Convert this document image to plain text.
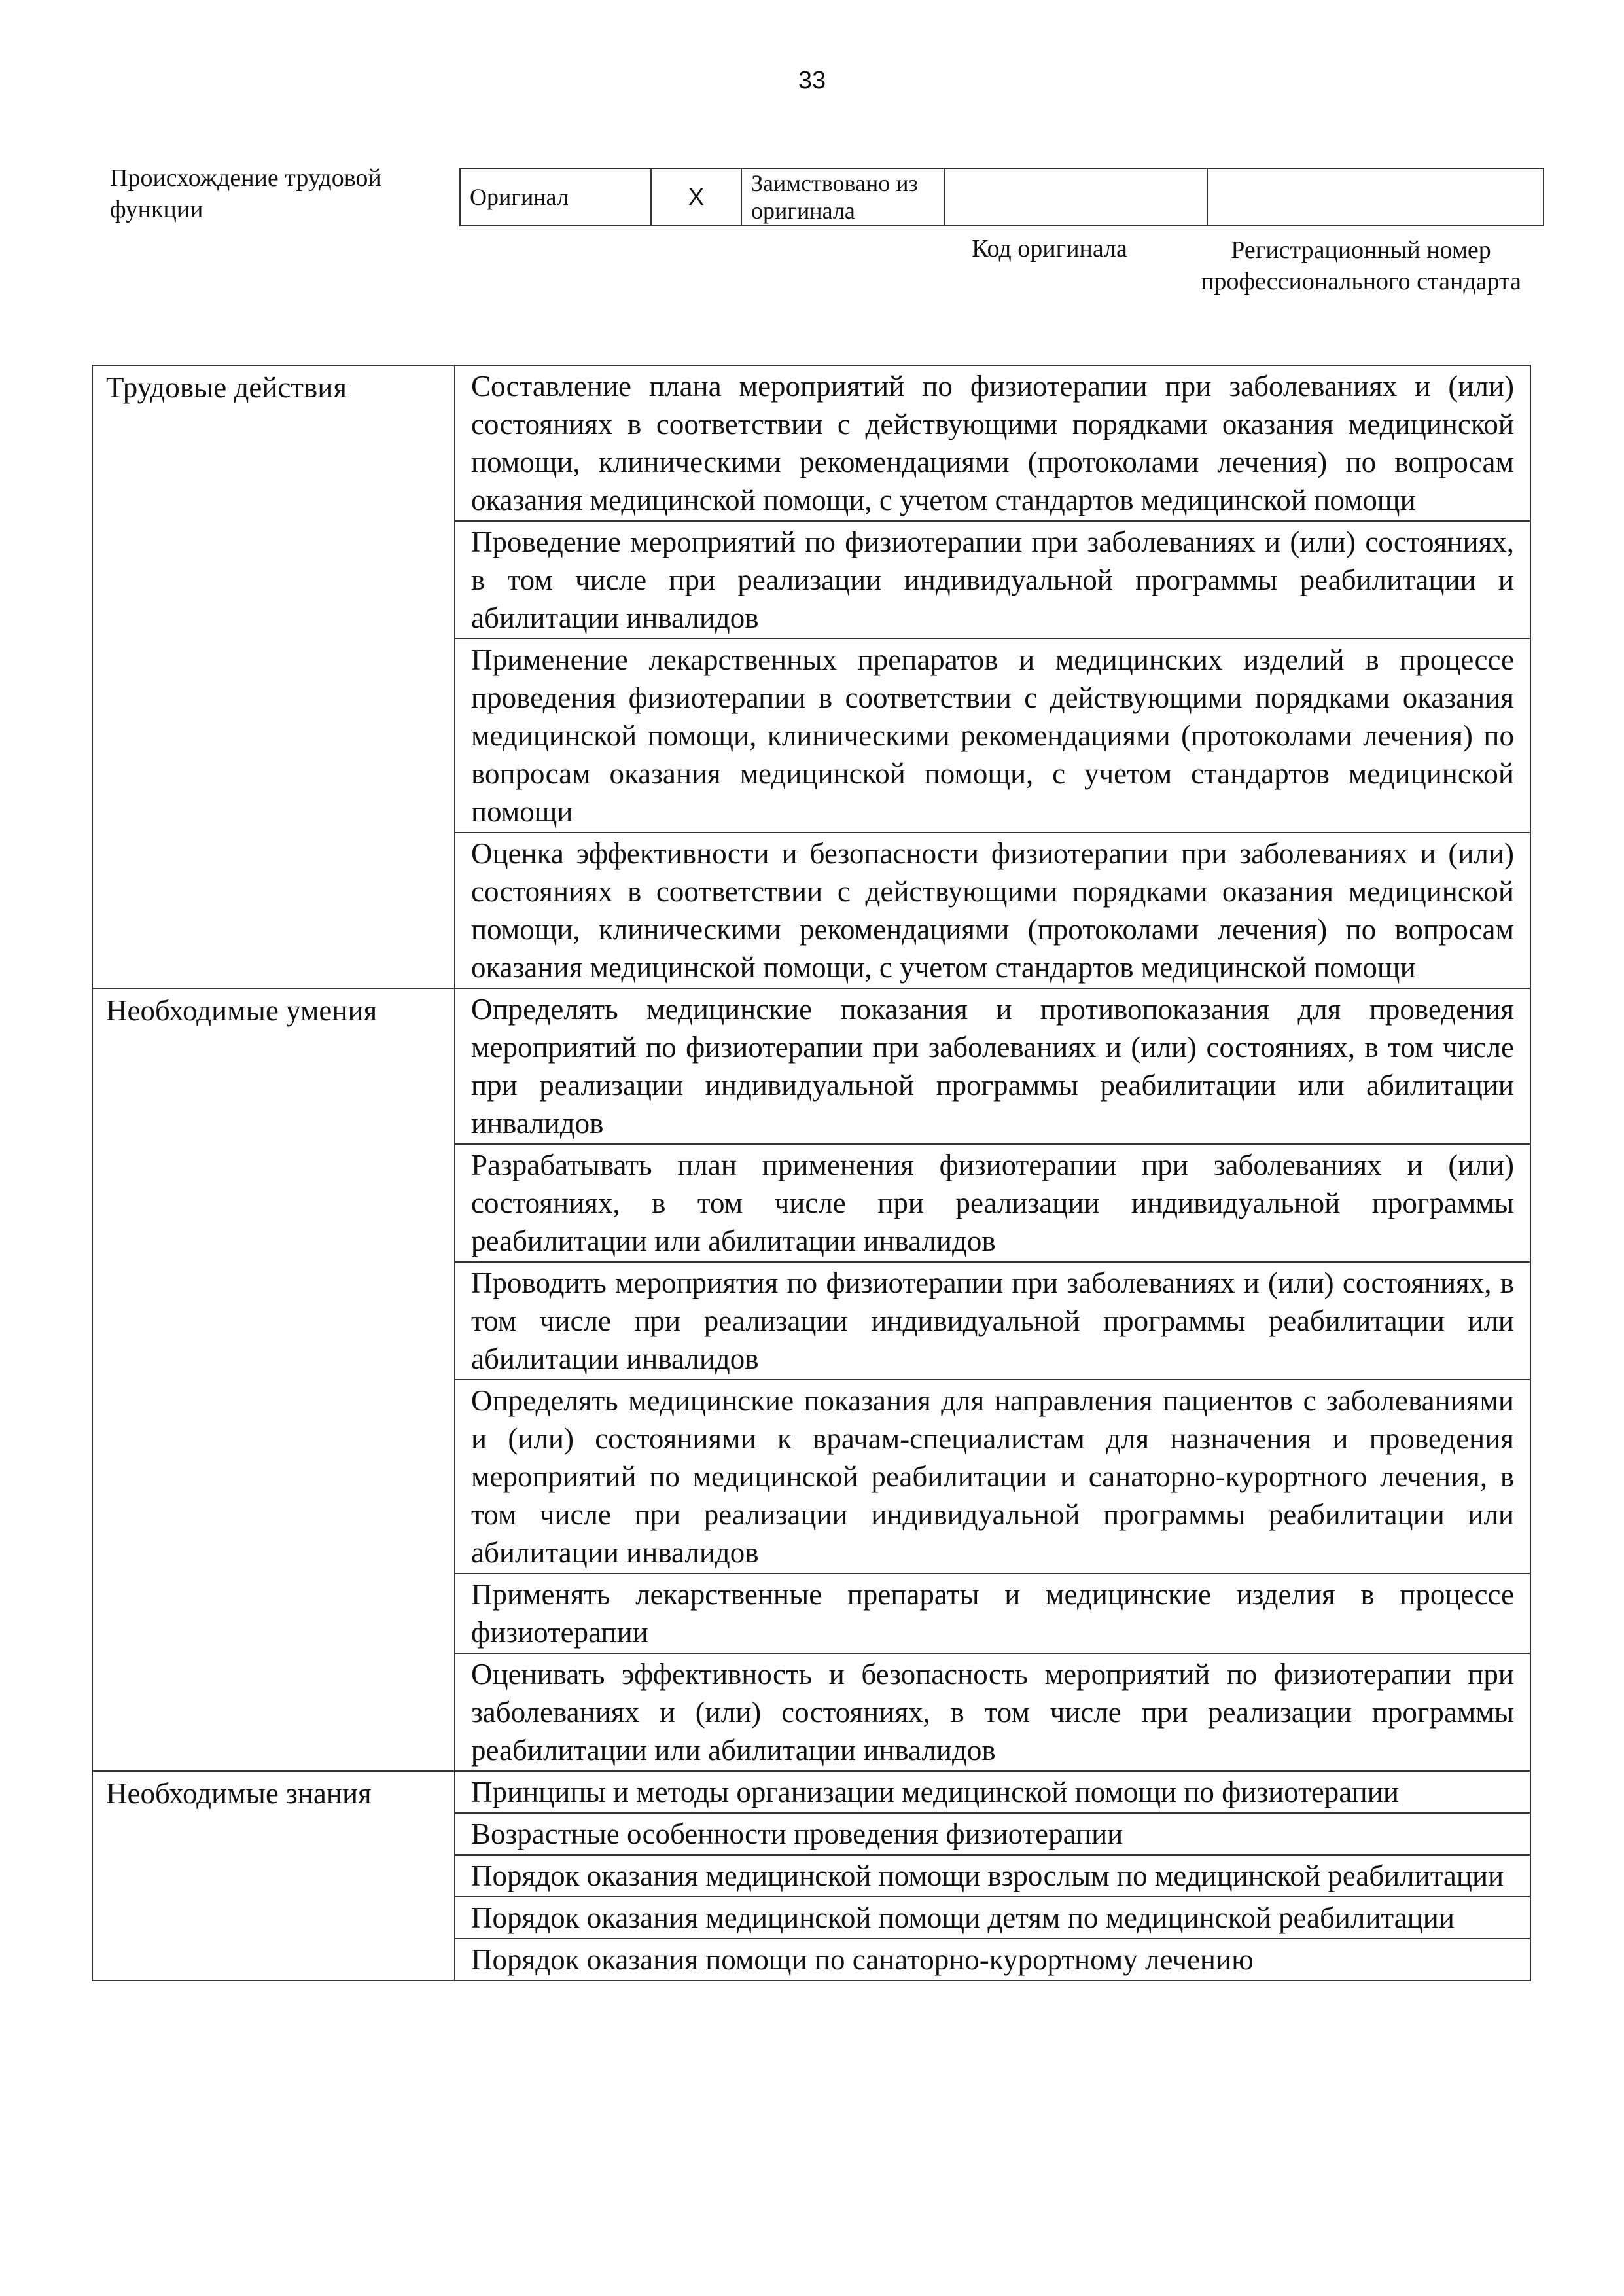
33
Происхождение трудовой функции	Оригинал	X	Заимствовано из оригинала		
Код оригинала	Регистрационный номер профессионального стандарта
Трудовые действия	Составление плана мероприятий по физиотерапии при заболеваниях и (или) состояниях в соответствии с действующими порядками оказания медицинской помощи, клиническими рекомендациями (протоколами лечения) по вопросам оказания медицинской помощи, с учетом стандартов медицинской помощи
	Проведение мероприятий по физиотерапии при заболеваниях и (или) состояниях, в том числе при реализации индивидуальной программы реабилитации и абилитации инвалидов
	Применение лекарственных препаратов и медицинских изделий в процессе проведения физиотерапии в соответствии с действующими порядками оказания медицинской помощи, клиническими рекомендациями (протоколами лечения) по вопросам оказания медицинской помощи, с учетом стандартов медицинской помощи
	Оценка эффективности и безопасности физиотерапии при заболеваниях и (или) состояниях в соответствии с действующими порядками оказания медицинской помощи, клиническими рекомендациями (протоколами лечения) по вопросам оказания медицинской помощи, с учетом стандартов медицинской помощи
Необходимые умения	Определять медицинские показания и противопоказания для проведения мероприятий по физиотерапии при заболеваниях и (или) состояниях, в том числе при реализации индивидуальной программы реабилитации или абилитации инвалидов
	Разрабатывать план применения физиотерапии при заболеваниях и (или) состояниях, в том числе при реализации индивидуальной программы реабилитации или абилитации инвалидов
	Проводить мероприятия по физиотерапии при заболеваниях и (или) состояниях, в том числе при реализации индивидуальной программы реабилитации или абилитации инвалидов
	Определять медицинские показания для направления пациентов с заболеваниями и (или) состояниями к врачам-специалистам для назначения и проведения мероприятий по медицинской реабилитации и санаторно-курортного лечения, в том числе при реализации индивидуальной программы реабилитации или абилитации инвалидов
	Применять лекарственные препараты и медицинские изделия в процессе физиотерапии
	Оценивать эффективность и безопасность мероприятий по физиотерапии при заболеваниях и (или) состояниях, в том числе при реализации программы реабилитации или абилитации инвалидов
Необходимые знания	Принципы и методы организации медицинской помощи по физиотерапии
	Возрастные особенности проведения физиотерапии
	Порядок оказания медицинской помощи взрослым по медицинской реабилитации
	Порядок оказания медицинской помощи детям по медицинской реабилитации
	Порядок оказания помощи по санаторно-курортному лечению
